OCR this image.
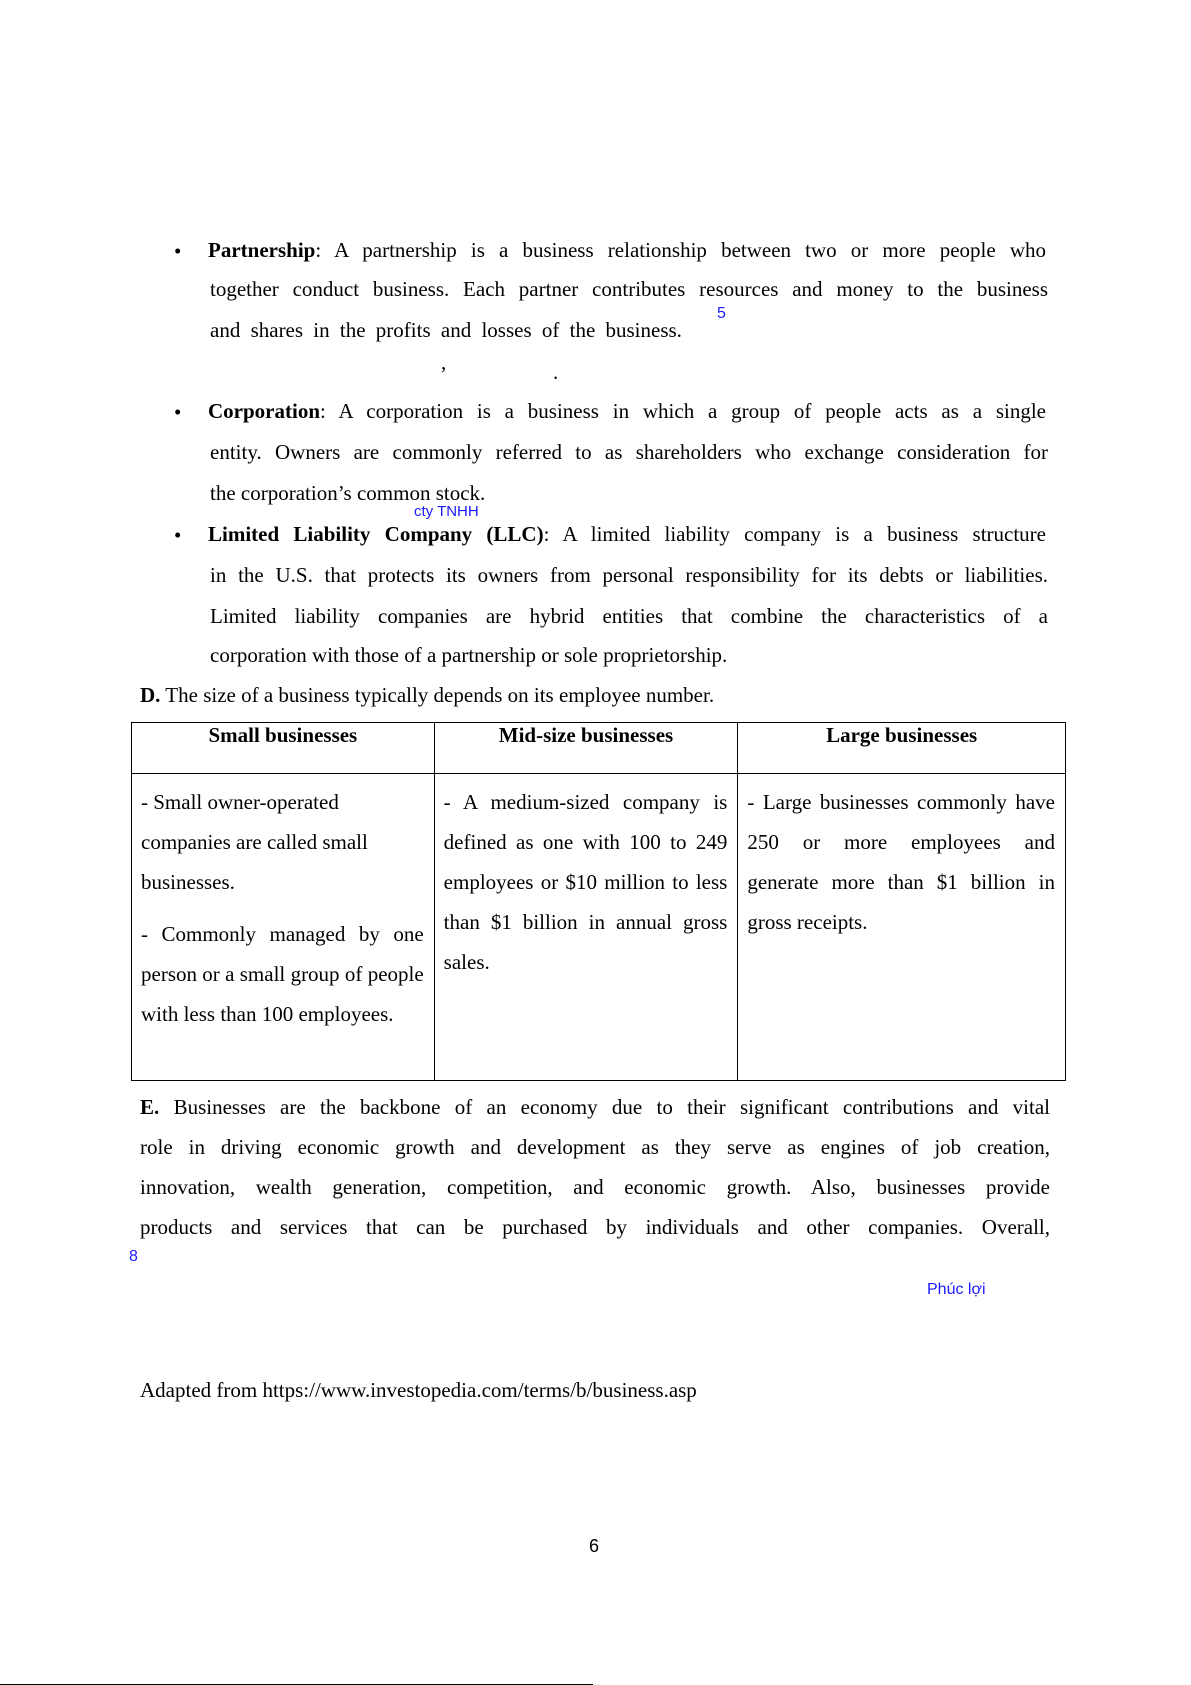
• Partnership: A partnership is a business relationship between two or more people who
together conduct business. Each partner contributes resources and money to the business
and shares in the profits and losses of the business.
5
,	.
• Corporation: A corporation is a business in which a group of people acts as a single
entity. Owners are commonly referred to as shareholders who exchange consideration for
the corporation’s common stock.
cty TNHH
• Limited Liability Company (LLC): A limited liability company is a business structure
in the U.S. that protects its owners from personal responsibility for its debts or liabilities.
Limited liability companies are hybrid entities that combine the characteristics of a
corporation with those of a partnership or sole proprietorship.
D. The size of a business typically depends on its employee number.
Small businesses	Mid-size businesses	Large businesses

- Small owner-operated companies are called small businesses.

- Commonly managed by one person or a small group of people with less than 100 employees.	- A medium-sized company is defined as one with 100 to 249 employees or $10 million to less than $1 billion in annual gross sales.	- Large businesses commonly have 250 or more employees and generate more than $1 billion in gross receipts.

E. Businesses are the backbone of an economy due to their significant contributions and vital
role in driving economic growth and development as they serve as engines of job creation,
innovation, wealth generation, competition, and economic growth. Also, businesses provide
products and services that can be purchased by individuals and other companies. Overall,
8
Phúc lợi
Adapted from https://www.investopedia.com/terms/b/business.asp
6
